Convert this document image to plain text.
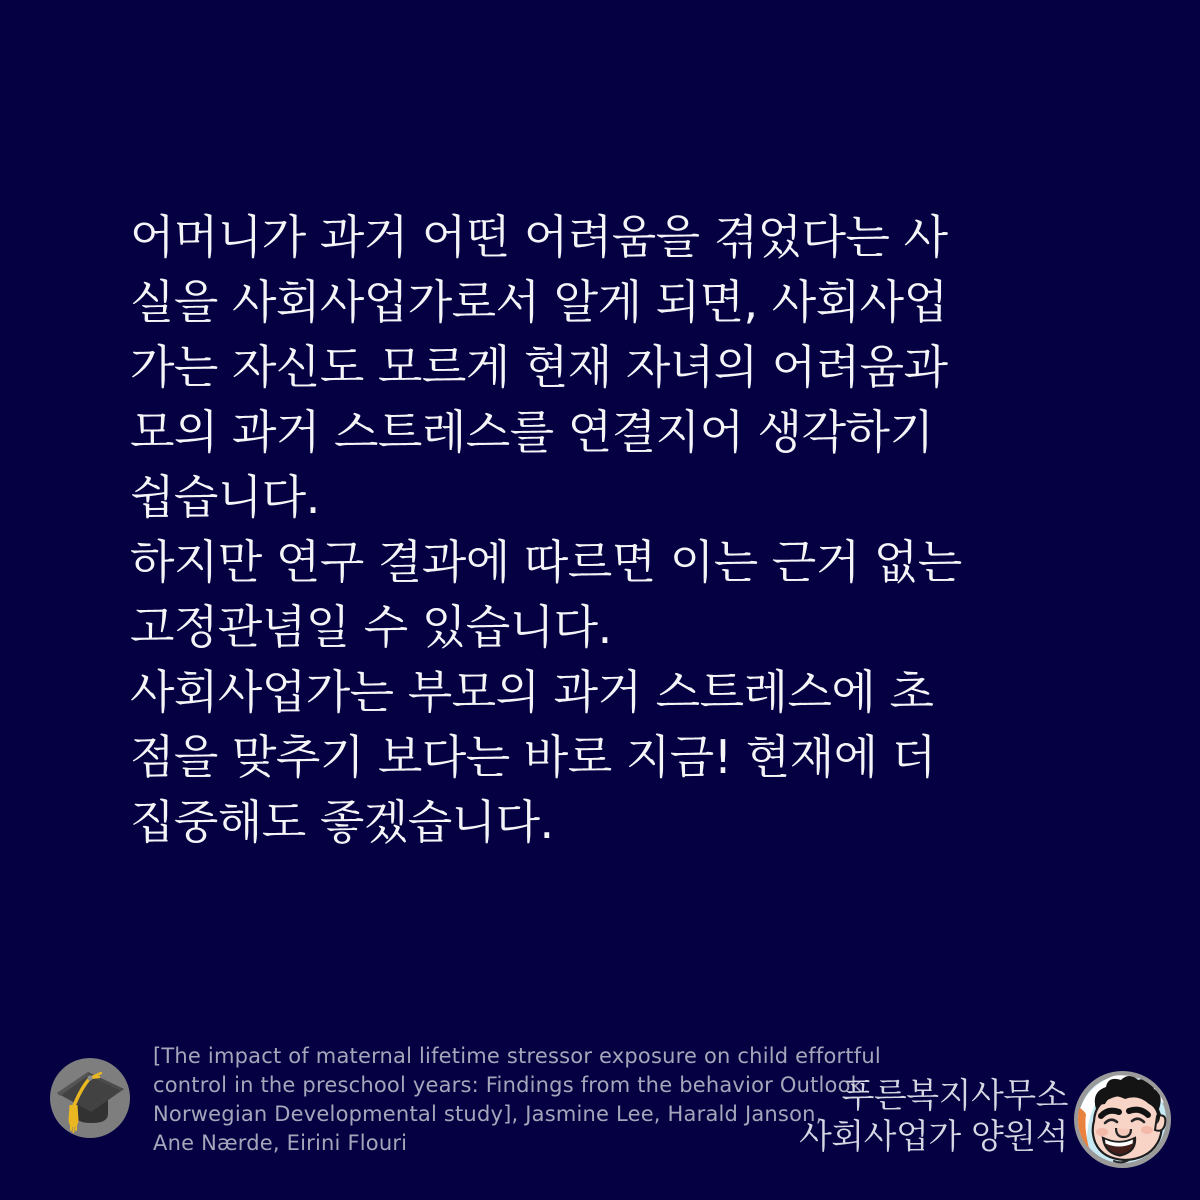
어머니가 과거 어떤 어려움을 겪었다는 사
실을 사회사업가로서 알게 되면, 사회사업
가는 자신도 모르게 현재 자녀의 어려움과
모의 과거 스트레스를 연결지어 생각하기
쉽습니다.
하지만 연구 결과에 따르면 이는 근거 없는
고정관념일 수 있습니다.
사회사업가는 부모의 과거 스트레스에 초
점을 맞추기 보다는 바로 지금! 현재에 더
집중해도 좋겠습니다.
[The impact of maternal lifetime stressor exposure on child effortful
control in the preschool years: Findings from the behavior Outlook
Norwegian Developmental study], Jasmine Lee, Harald Janson,
Ane Nærde, Eirini Flouri
푸른복지사무소
사회사업가 양원석
